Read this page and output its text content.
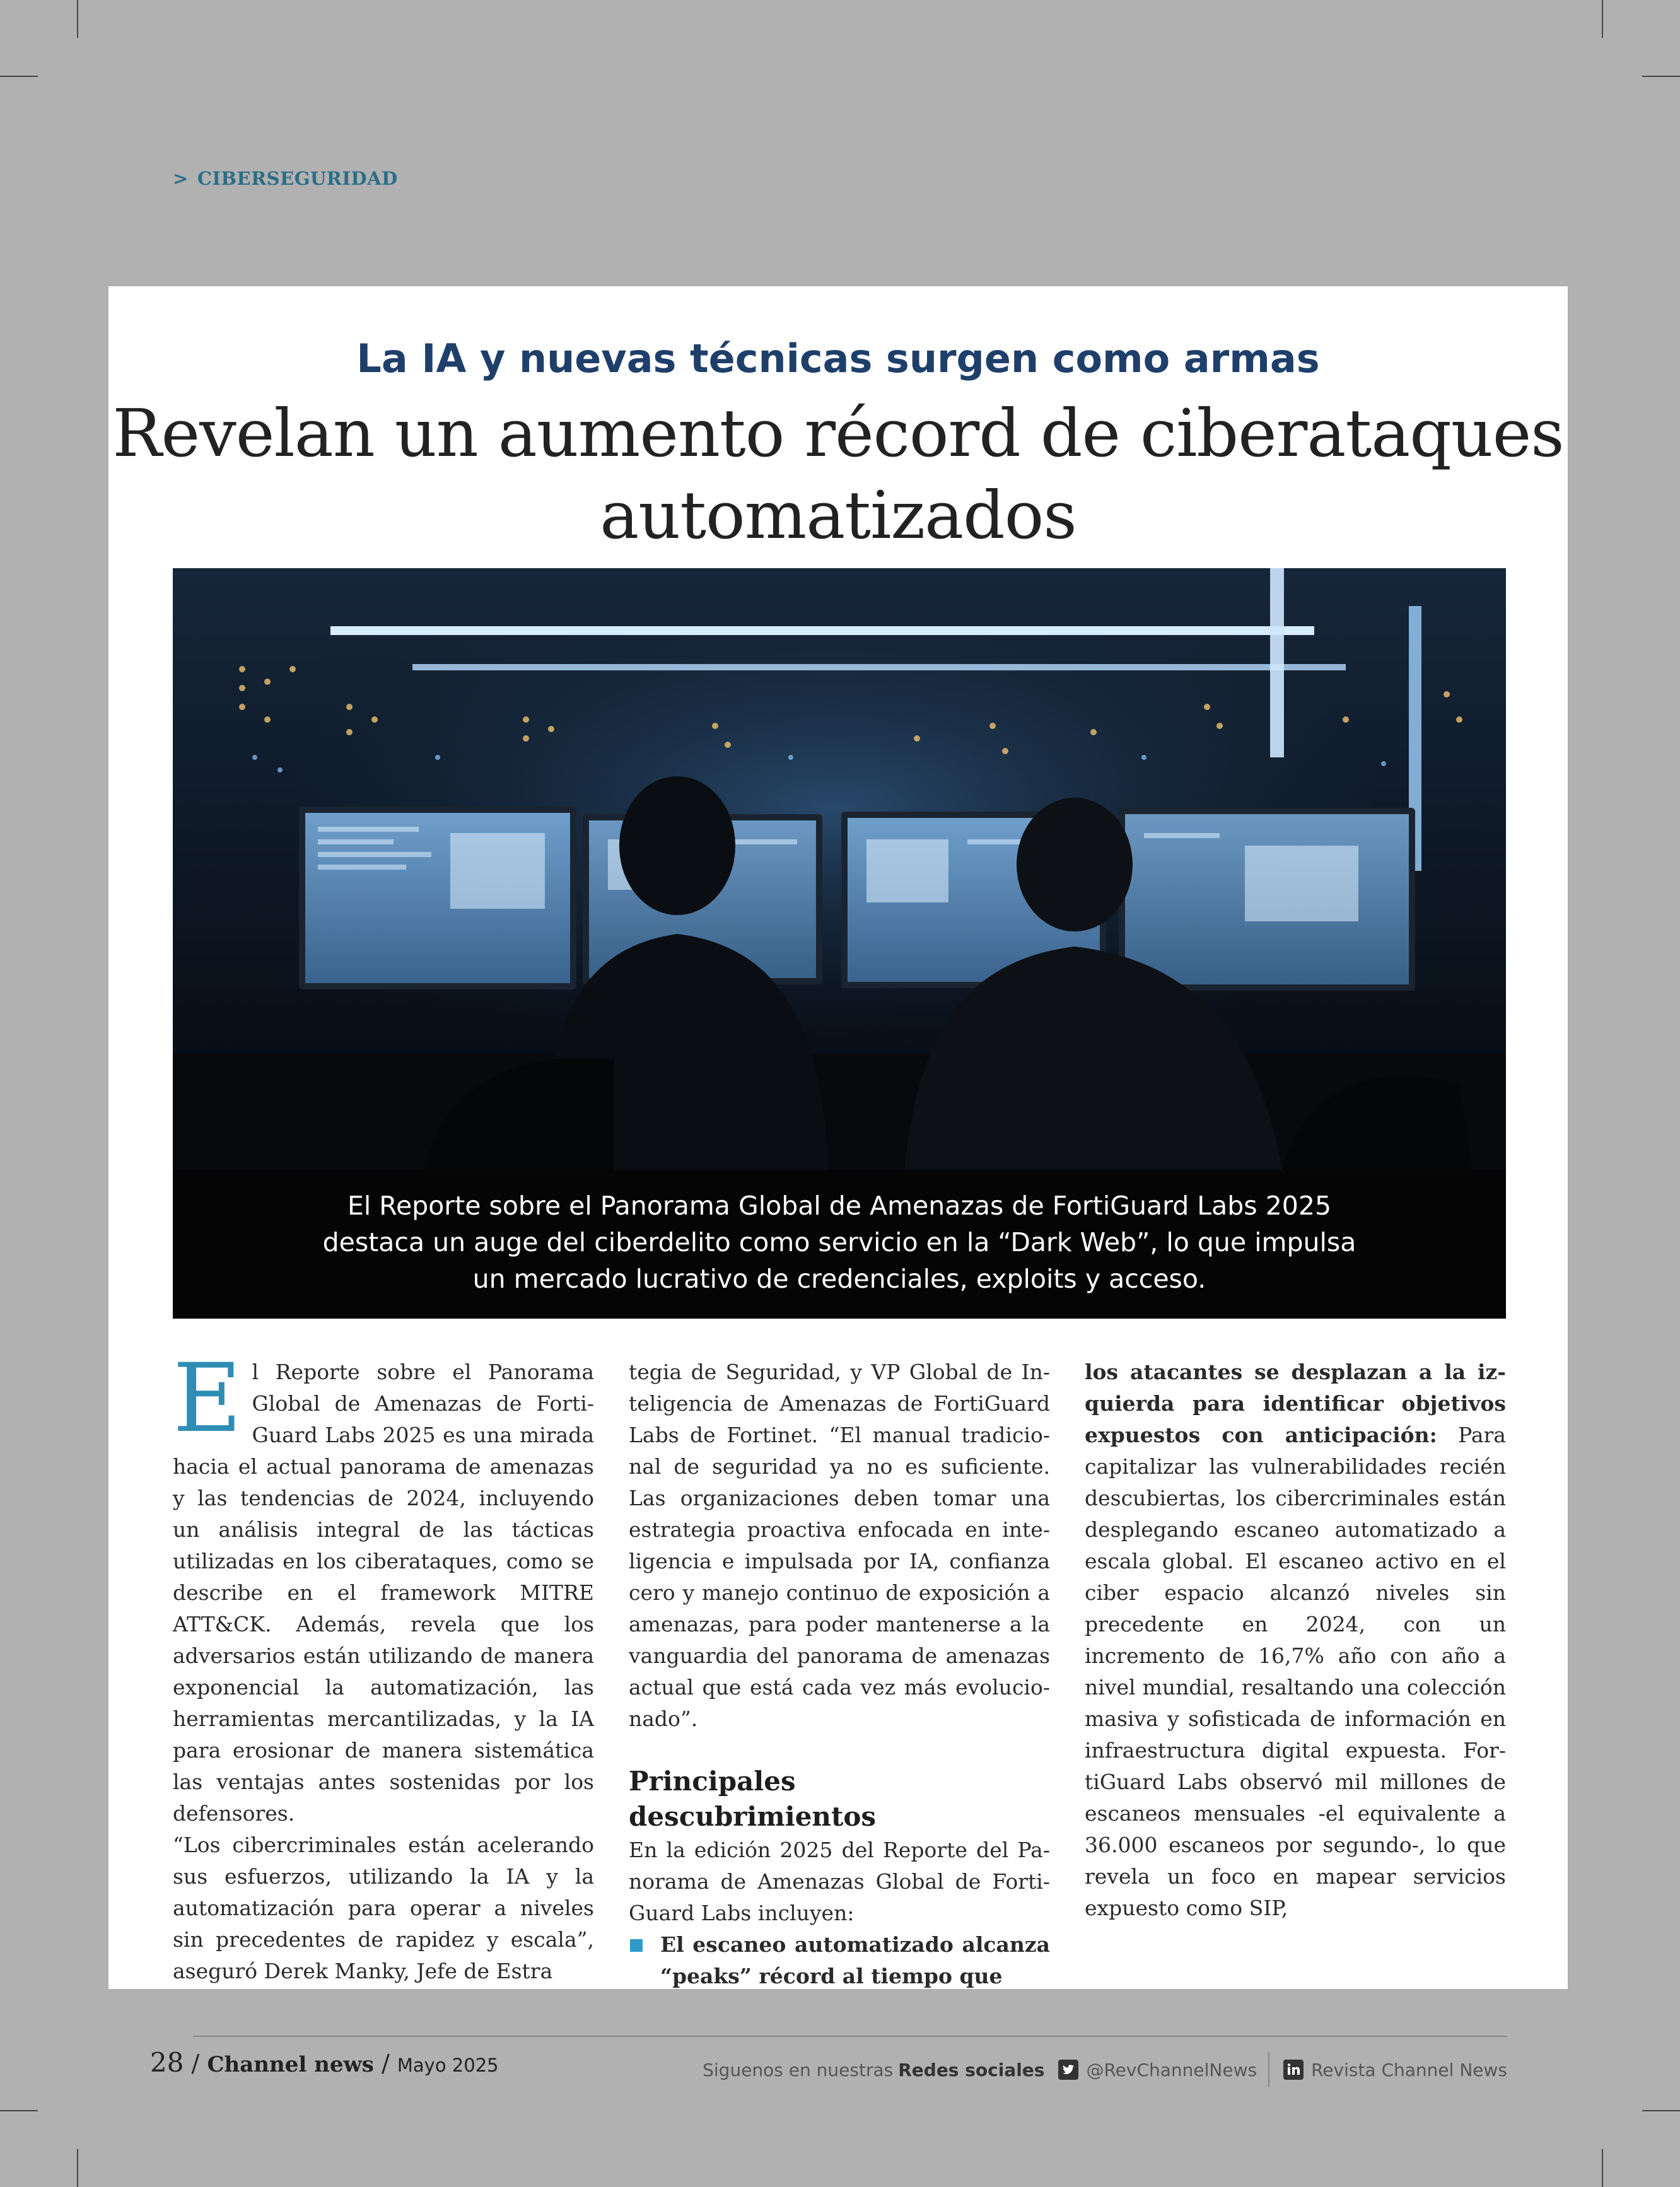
> CIBERSEGURIDAD
La IA y nuevas técnicas surgen como armas
Revelan un aumento récord de ciberataques
automatizados
El Reporte sobre el Panorama Global de Amenazas de FortiGuard Labs 2025
destaca un auge del ciberdelito como servicio en la “Dark Web”, lo que impulsa
un mercado lucrativo de credenciales, exploits y acceso.

El Reporte sobre el Panorama Global de Amenazas de FortiGuard Labs 2025 es una mirada hacia el actual panorama de amenazas y las tendencias de 2024, incluyendo un análisis integral de las tácticas utilizadas en los ciberataques, como se describe en el framework MITRE ATT&CK. Además, revela que los adversarios están utilizando de manera exponencial la automatización, las herramientas mercantilizadas, y la IA para erosionar de manera sistemática las ventajas antes sostenidas por los defensores.

“Los cibercriminales están acelerando sus esfuerzos, utilizando la IA y la automatización para operar a niveles sin precedentes de rapidez y escala”, aseguró Derek Manky, Jefe de Estra

tegia de Seguridad, y VP Global de Inteligencia de Amenazas de FortiGuard Labs de Fortinet. “El manual tradicional de seguridad ya no es suficiente. Las organizaciones deben tomar una estrategia proactiva enfocada en inteligencia e impulsada por IA, confianza cero y manejo continuo de exposición a amenazas, para poder mantenerse a la vanguardia del panorama de amenazas actual que está cada vez más evolucionado”.

Principales descubrimientos

En la edición 2025 del Reporte del Panorama de Amenazas Global de FortiGuard Labs incluyen:

El escaneo automatizado alcanza “peaks” récord al tiempo que

los atacantes se desplazan a la izquierda para identificar objetivos expuestos con anticipación: Para capitalizar las vulnerabilidades recién descubiertas, los cibercriminales están desplegando escaneo automatizado a escala global. El escaneo activo en el ciber espacio alcanzó niveles sin precedente en 2024, con un incremento de 16,7% año con año a nivel mundial, resaltando una colección masiva y sofisticada de información en infraestructura digital expuesta. FortiGuard Labs observó mil millones de escaneos mensuales -el equivalente a 36.000 escaneos por segundo-, lo que revela un foco en mapear servicios expuesto como SIP,

28 / Channel news / Mayo 2025	Siguenos en nuestras Redes sociales @RevChannelNews	Revista Channel News
